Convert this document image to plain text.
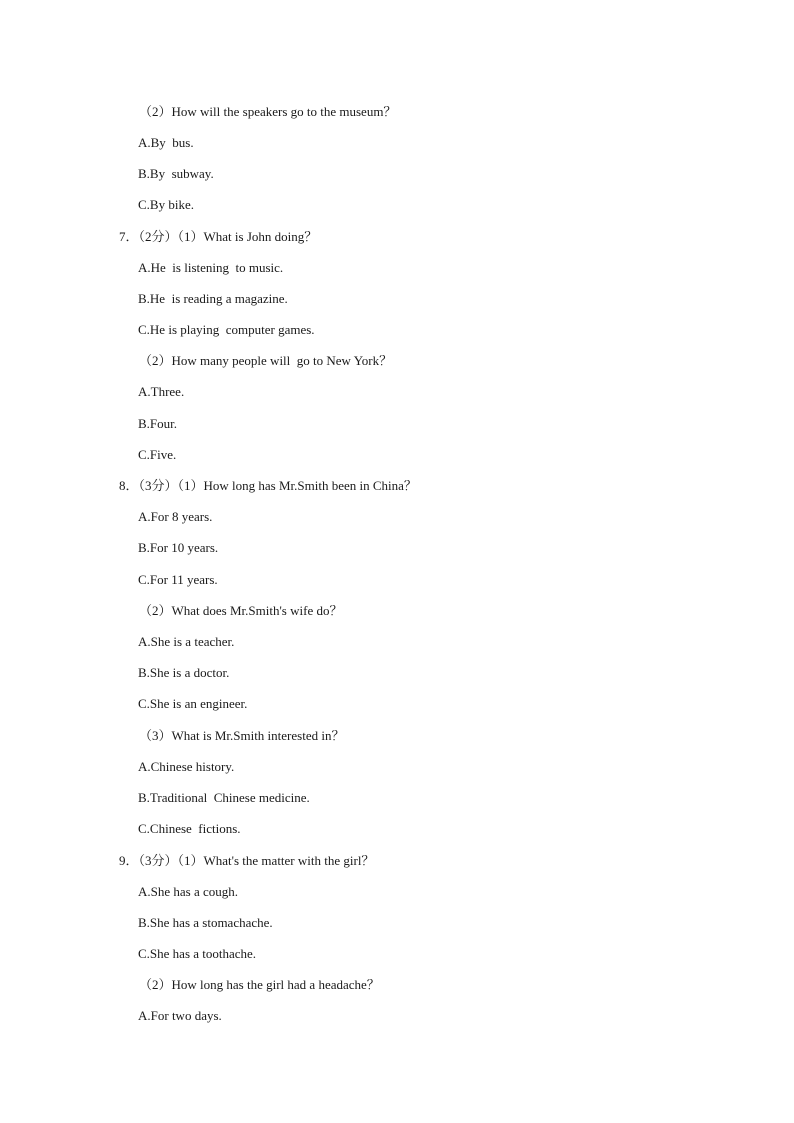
（2）How will the speakers go to the museum？
A.By  bus.
B.By  subway.
C.By bike.
7．（2分）（1）What is John doing？
A.He  is listening  to music.
B.He  is reading a magazine.
C.He is playing  computer games.
（2）How many people will  go to New York？
A.Three.
B.Four.
C.Five.
8．（3分）（1）How long has Mr.Smith been in China？
A.For 8 years.
B.For 10 years.
C.For 11 years.
（2）What does Mr.Smith's wife do？
A.She is a teacher.
B.She is a doctor.
C.She is an engineer.
（3）What is Mr.Smith interested in？
A.Chinese history.
B.Traditional  Chinese medicine.
C.Chinese  fictions.
9．（3分）（1）What's the matter with the girl？
A.She has a cough.
B.She has a stomachache.
C.She has a toothache.
（2）How long has the girl had a headache？
A.For two days.
